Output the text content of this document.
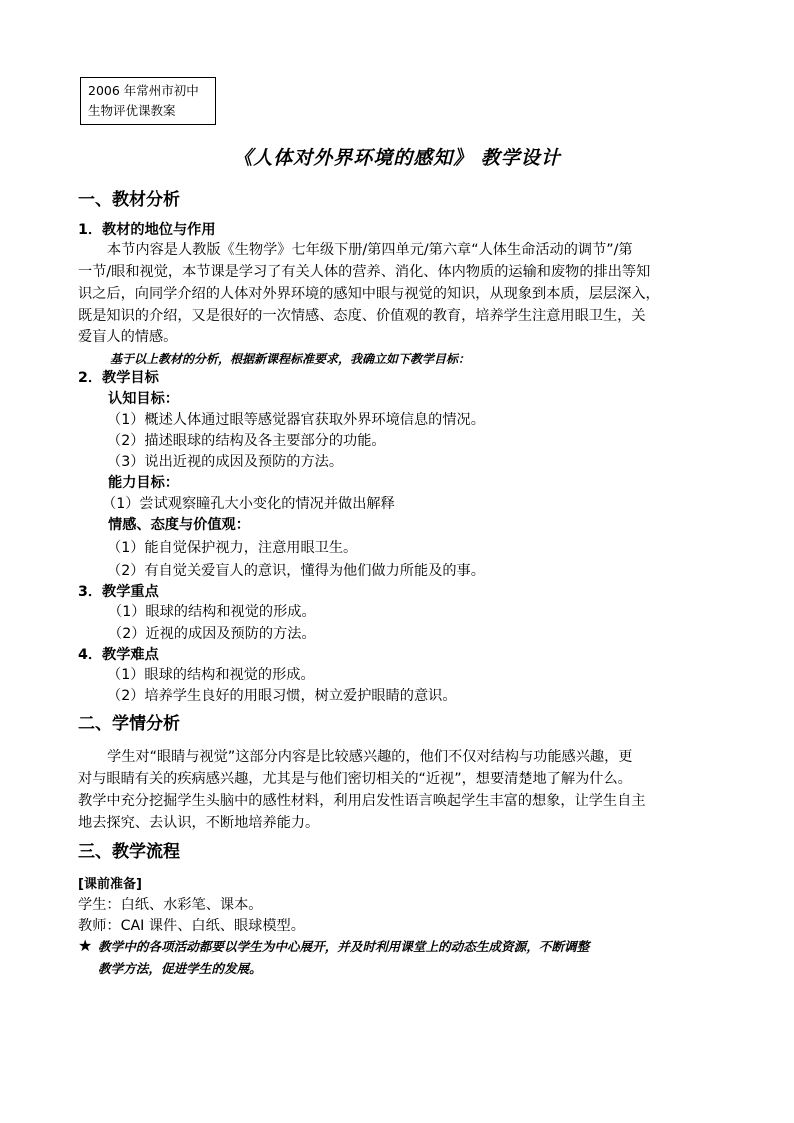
2006 年常州市初中
生物评优课教案
《人体对外界环境的感知》 教学设计
一、教材分析
1．教材的地位与作用
本节内容是人教版《生物学》七年级下册/第四单元/第六章“人体生命活动的调节”/第
一节/眼和视觉，本节课是学习了有关人体的营养、消化、体内物质的运输和废物的排出等知
识之后，向同学介绍的人体对外界环境的感知中眼与视觉的知识，从现象到本质，层层深入，
既是知识的介绍，又是很好的一次情感、态度、价值观的教育，培养学生注意用眼卫生，关
爱盲人的情感。
基于以上教材的分析，根据新课程标准要求，我确立如下教学目标：
2．教学目标
认知目标：
（1）概述人体通过眼等感觉器官获取外界环境信息的情况。
（2）描述眼球的结构及各主要部分的功能。
（3）说出近视的成因及预防的方法。
能力目标：
（1）尝试观察瞳孔大小变化的情况并做出解释
情感、态度与价值观：
（1）能自觉保护视力，注意用眼卫生。
（2）有自觉关爱盲人的意识，懂得为他们做力所能及的事。
3．教学重点
（1）眼球的结构和视觉的形成。
（2）近视的成因及预防的方法。
4．教学难点
（1）眼球的结构和视觉的形成。
（2）培养学生良好的用眼习惯，树立爱护眼睛的意识。
二、学情分析
学生对“眼睛与视觉”这部分内容是比较感兴趣的，他们不仅对结构与功能感兴趣，更
对与眼睛有关的疾病感兴趣，尤其是与他们密切相关的“近视”，想要清楚地了解为什么。
教学中充分挖掘学生头脑中的感性材料，利用启发性语言唤起学生丰富的想象，让学生自主
地去探究、去认识，不断地培养能力。
三、教学流程
[课前准备]
学生：白纸、水彩笔、课本。
教师：CAI 课件、白纸、眼球模型。
★ 教学中的各项活动都要以学生为中心展开，并及时利用课堂上的动态生成资源，不断调整
教学方法，促进学生的发展。
